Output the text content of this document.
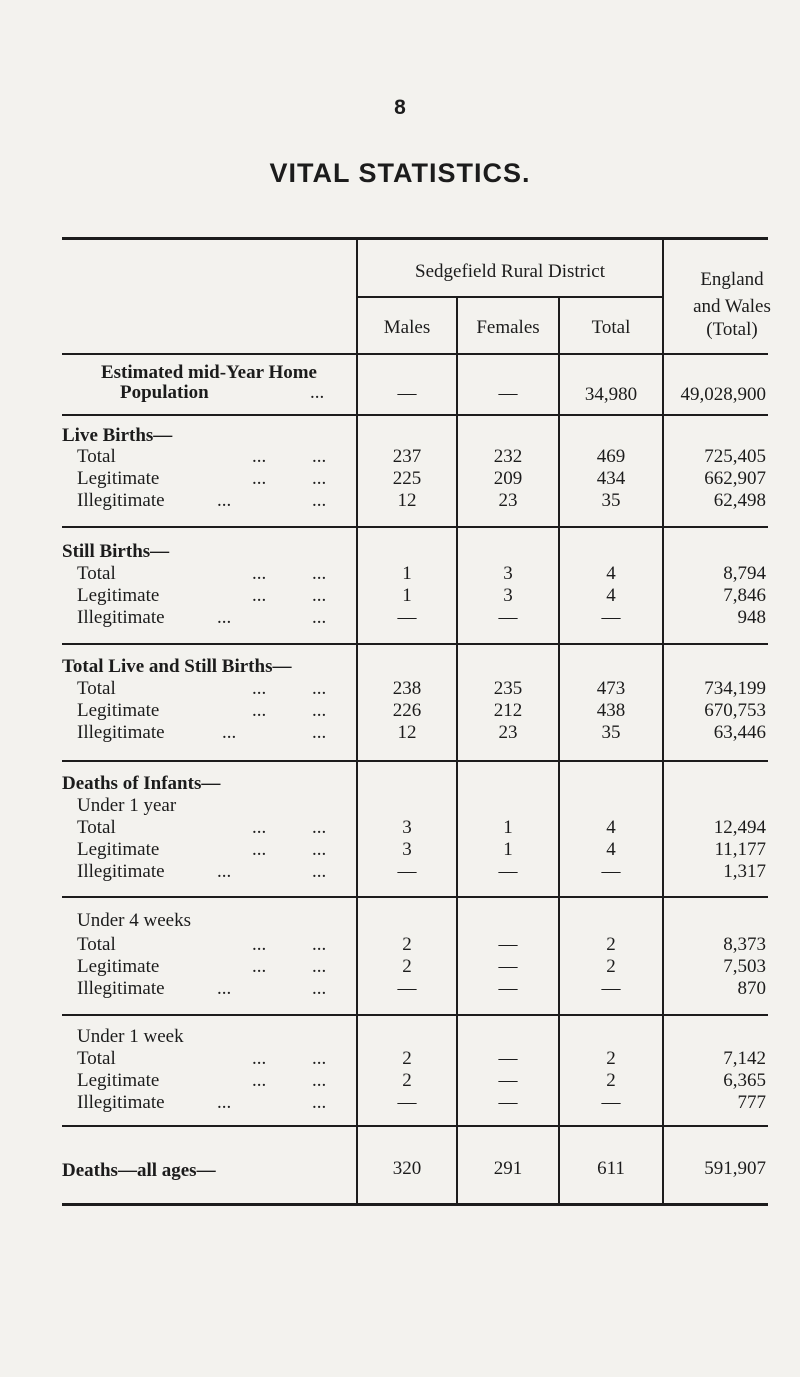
8
VITAL STATISTICS.
Sedgefield Rural District	England
and Wales
(Total)
Males	Females	Total
Estimated mid-Year Home
Population	...	—	—	34,980	49,028,900
Live Births—
Total	... ...	237	232	469	725,405
Legitimate	... ...	225	209	434	662,907
Illegitimate	...	...	12	23	35	62,498
Still Births—
Total	... ...	1	3	4	8,794
Legitimate	... ...	1	3	4	7,846
Illegitimate	...	...	—	—	—	948
Total Live and Still Births—
Total	... ...	238	235	473	734,199
Legitimate	... ...	226	212	438	670,753
Illegitimate	...	...	12	23	35	63,446
Deaths of Infants—
Under 1 year
Total	... ...	3	1	4	12,494
Legitimate	... ...	3	1	4	11,177
Illegitimate	...	...	—	—	—	1,317
Under 4 weeks
Total	... ...	2	—	2	8,373
Legitimate	... ...	2	—	2	7,503
Illegitimate	...	...	—	—	—	870
Under 1 week
Total	... ...	2	—	2	7,142
Legitimate	... ...	2	—	2	6,365
Illegitimate	...	...	—	—	—	777
Deaths—all ages—	320	291	611	591,907
